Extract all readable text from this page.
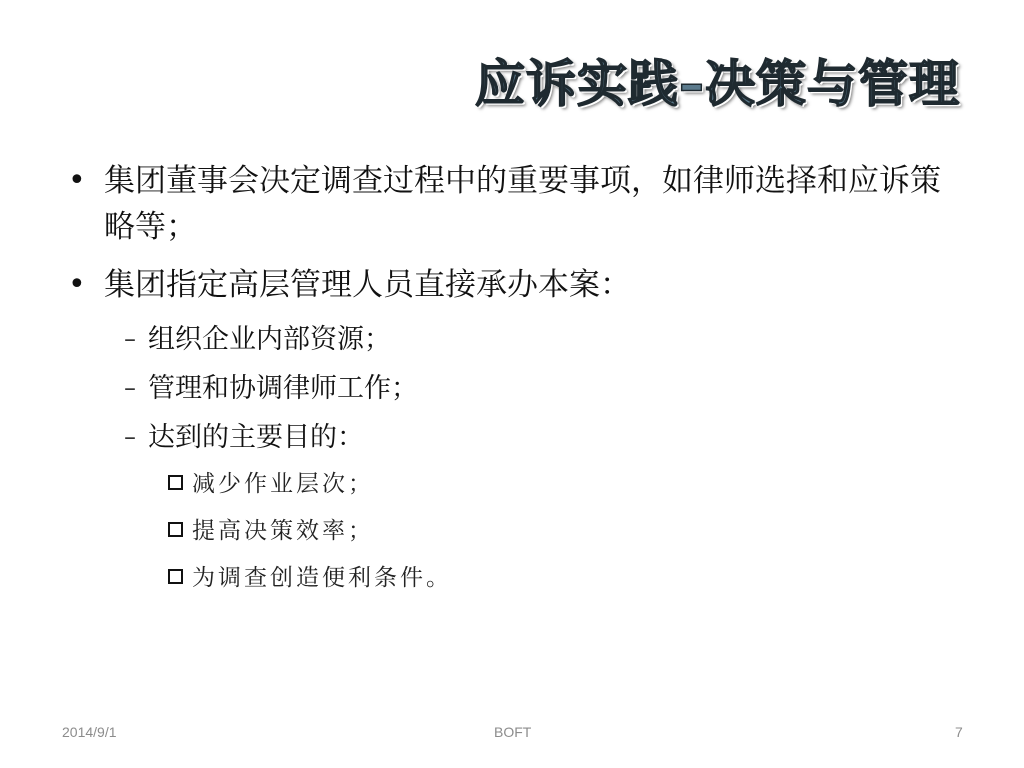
应诉实践–决策与管理
• 集团董事会决定调查过程中的重要事项，如律师选择和应诉策略等；
• 集团指定高层管理人员直接承办本案：
– 组织企业内部资源；
– 管理和协调律师工作；
– 达到的主要目的：
减少作业层次；
提高决策效率；
为调查创造便利条件。
2014/9/1	BOFT	7
